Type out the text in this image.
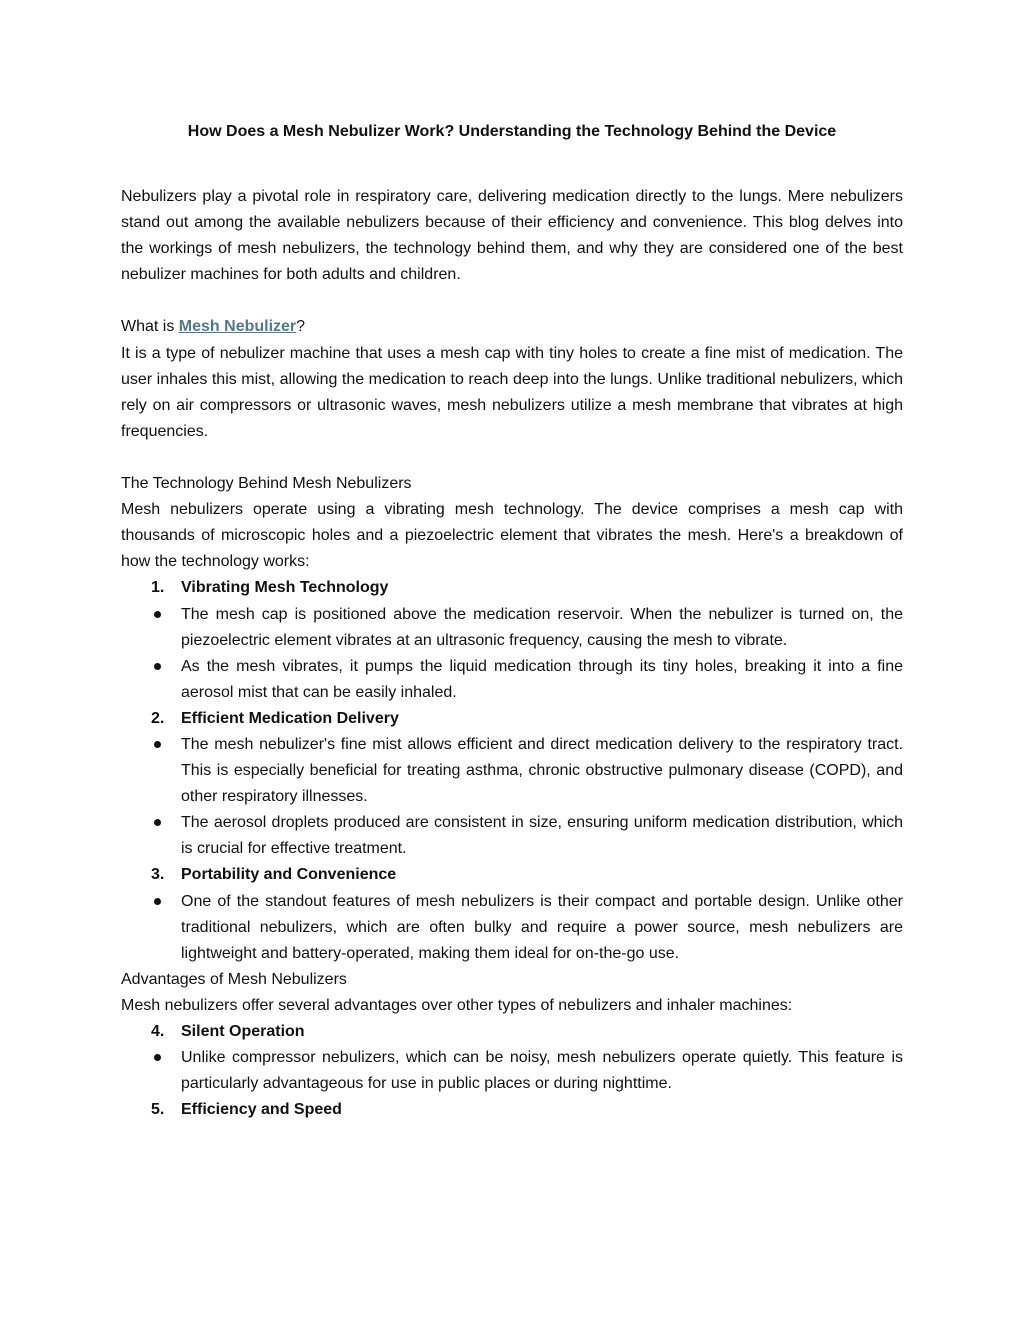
How Does a Mesh Nebulizer Work? Understanding the Technology Behind the Device

Nebulizers play a pivotal role in respiratory care, delivering medication directly to the lungs. Mere nebulizers stand out among the available nebulizers because of their efficiency and convenience. This blog delves into the workings of mesh nebulizers, the technology behind them, and why they are considered one of the best nebulizer machines for both adults and children.

What is Mesh Nebulizer?

It is a type of nebulizer machine that uses a mesh cap with tiny holes to create a fine mist of medication. The user inhales this mist, allowing the medication to reach deep into the lungs. Unlike traditional nebulizers, which rely on air compressors or ultrasonic waves, mesh nebulizers utilize a mesh membrane that vibrates at high frequencies.

The Technology Behind Mesh Nebulizers

Mesh nebulizers operate using a vibrating mesh technology. The device comprises a mesh cap with thousands of microscopic holes and a piezoelectric element that vibrates the mesh. Here's a breakdown of how the technology works:

1. Vibrating Mesh Technology
The mesh cap is positioned above the medication reservoir. When the nebulizer is turned on, the piezoelectric element vibrates at an ultrasonic frequency, causing the mesh to vibrate.
As the mesh vibrates, it pumps the liquid medication through its tiny holes, breaking it into a fine aerosol mist that can be easily inhaled.
2. Efficient Medication Delivery
The mesh nebulizer's fine mist allows efficient and direct medication delivery to the respiratory tract. This is especially beneficial for treating asthma, chronic obstructive pulmonary disease (COPD), and other respiratory illnesses.
The aerosol droplets produced are consistent in size, ensuring uniform medication distribution, which is crucial for effective treatment.
3. Portability and Convenience
One of the standout features of mesh nebulizers is their compact and portable design. Unlike other traditional nebulizers, which are often bulky and require a power source, mesh nebulizers are lightweight and battery-operated, making them ideal for on-the-go use.

Advantages of Mesh Nebulizers

Mesh nebulizers offer several advantages over other types of nebulizers and inhaler machines:

4. Silent Operation
Unlike compressor nebulizers, which can be noisy, mesh nebulizers operate quietly. This feature is particularly advantageous for use in public places or during nighttime.
5. Efficiency and Speed
